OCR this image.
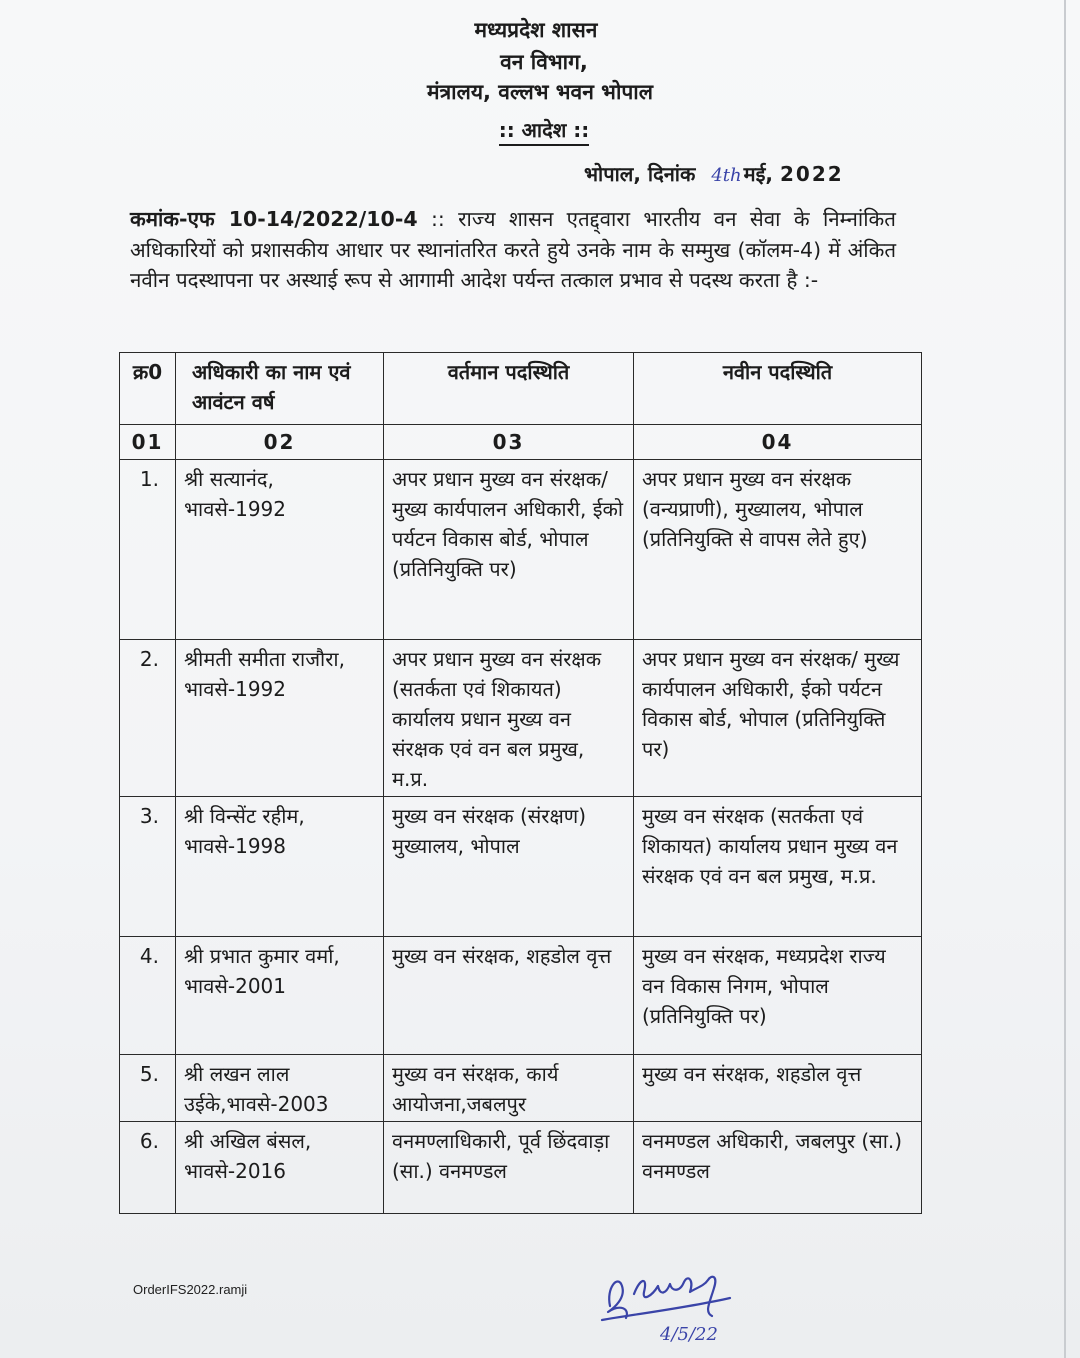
मध्यप्रदेश शासन
वन विभाग,
मंत्रालय, वल्लभ भवन भोपाल
:: आदेश ::
भोपाल, दिनांक 4th मई, 2022
कमांक-एफ 10-14/2022/10-4 :: राज्य शासन एतद्द्वारा भारतीय वन सेवा के निम्नांकित अधिकारियों को प्रशासकीय आधार पर स्थानांतरित करते हुये उनके नाम के सम्मुख (कॉलम-4) में अंकित नवीन पदस्थापना पर अस्थाई रूप से आगामी आदेश पर्यन्त तत्काल प्रभाव से पदस्थ करता है :-
क्र0	अधिकारी का नाम एवं आवंटन वर्ष	वर्तमान पदस्थिति	नवीन पदस्थिति
01	02	03	04
1.	श्री सत्यानंद, भावसे-1992	अपर प्रधान मुख्य वन संरक्षक/ मुख्य कार्यपालन अधिकारी, ईको पर्यटन विकास बोर्ड, भोपाल (प्रतिनियुक्ति पर)	अपर प्रधान मुख्य वन संरक्षक (वन्यप्राणी), मुख्यालय, भोपाल (प्रतिनियुक्ति से वापस लेते हुए)
2.	श्रीमती समीता राजौरा, भावसे-1992	अपर प्रधान मुख्य वन संरक्षक (सतर्कता एवं शिकायत) कार्यालय प्रधान मुख्य वन संरक्षक एवं वन बल प्रमुख, म.प्र.	अपर प्रधान मुख्य वन संरक्षक/ मुख्य कार्यपालन अधिकारी, ईको पर्यटन विकास बोर्ड, भोपाल (प्रतिनियुक्ति पर)
3.	श्री विन्सेंट रहीम, भावसे-1998	मुख्य वन संरक्षक (संरक्षण) मुख्यालय, भोपाल	मुख्य वन संरक्षक (सतर्कता एवं शिकायत) कार्यालय प्रधान मुख्य वन संरक्षक एवं वन बल प्रमुख, म.प्र.
4.	श्री प्रभात कुमार वर्मा, भावसे-2001	मुख्य वन संरक्षक, शहडोल वृत्त	मुख्य वन संरक्षक, मध्यप्रदेश राज्य वन विकास निगम, भोपाल (प्रतिनियुक्ति पर)
5.	श्री लखन लाल उईके,भावसे-2003	मुख्य वन संरक्षक, कार्य आयोजना,जबलपुर	मुख्य वन संरक्षक, शहडोल वृत्त
6.	श्री अखिल बंसल, भावसे-2016	वनमण्लाधिकारी, पूर्व छिंदवाड़ा (सा.) वनमण्डल	वनमण्डल अधिकारी, जबलपुर (सा.) वनमण्डल
OrderIFS2022.ramji
4/5/22
